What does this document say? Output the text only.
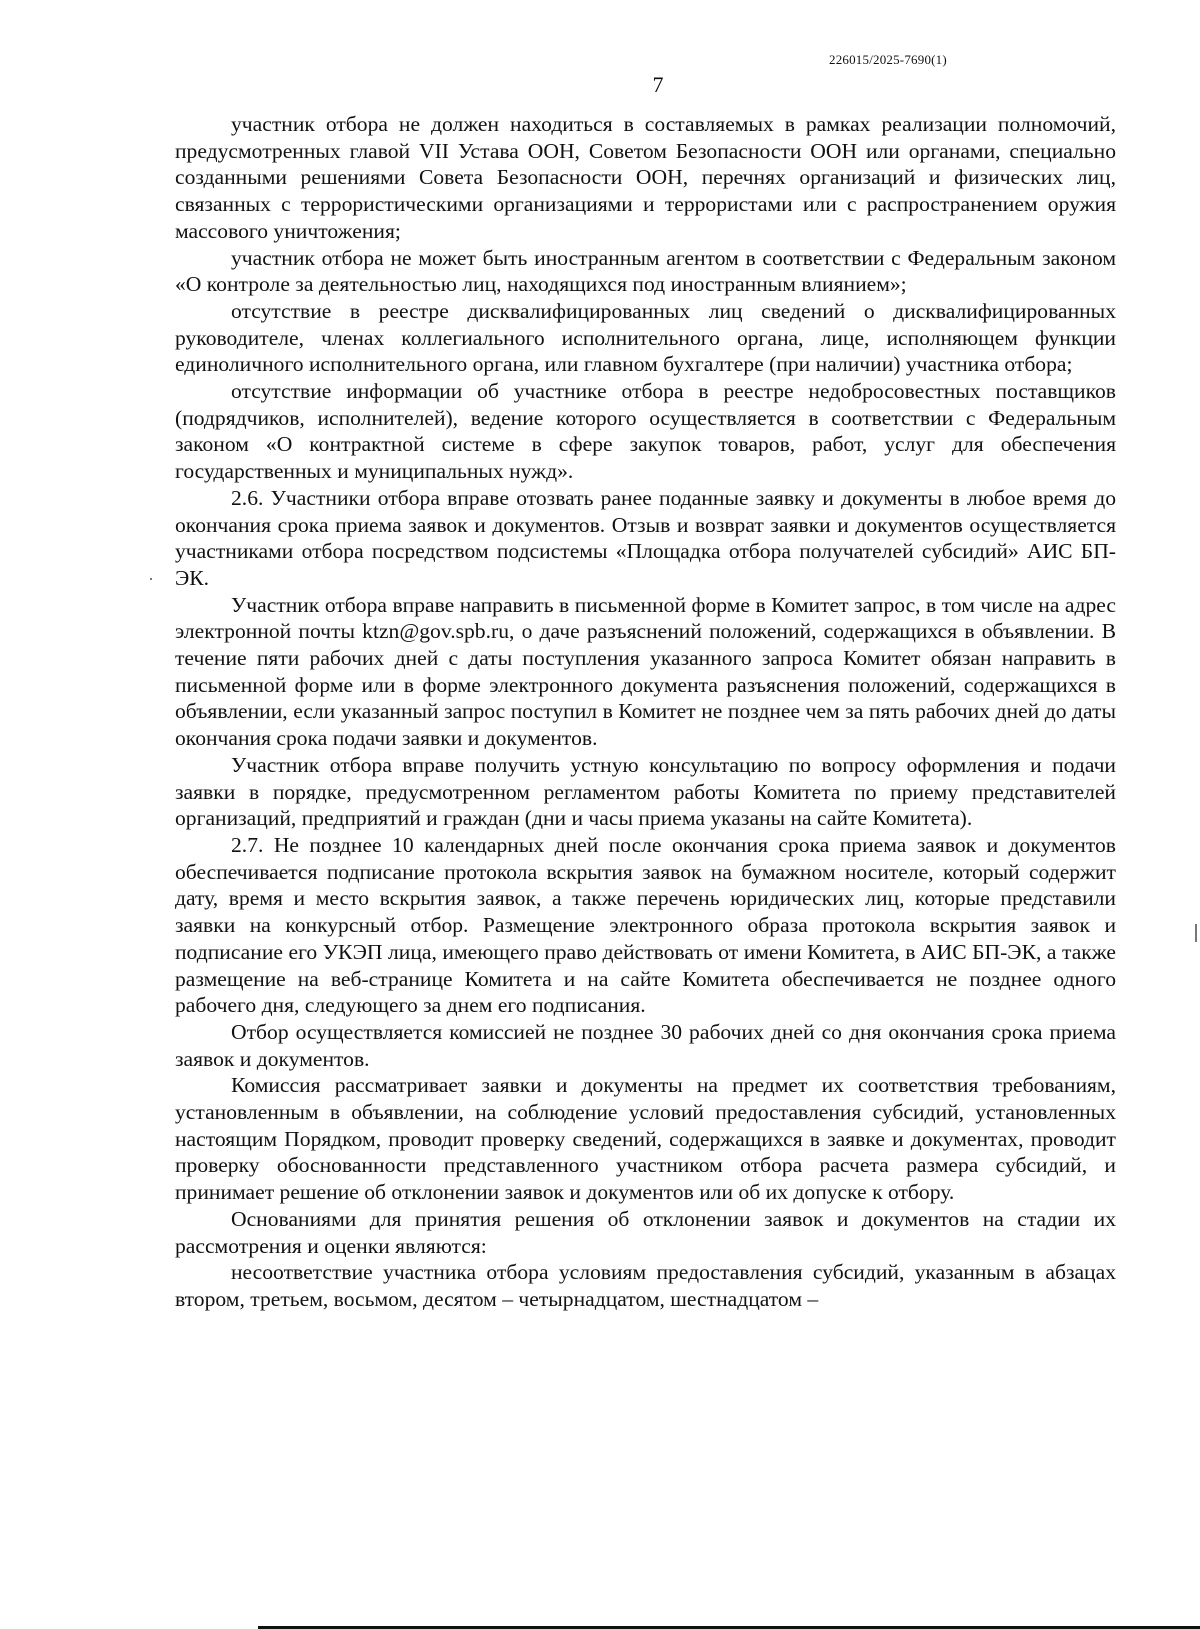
226015/2025-7690(1)
7

участник отбора не должен находиться в составляемых в рамках реализации полномочий, предусмотренных главой VII Устава ООН, Советом Безопасности ООН или органами, специально созданными решениями Совета Безопасности ООН, перечнях организаций и физических лиц, связанных с террористическими организациями и террористами или с распространением оружия массового уничтожения;

участник отбора не может быть иностранным агентом в соответствии с Федеральным законом «О контроле за деятельностью лиц, находящихся под иностранным влиянием»;

отсутствие в реестре дисквалифицированных лиц сведений о дисквалифицированных руководителе, членах коллегиального исполнительного органа, лице, исполняющем функции единоличного исполнительного органа, или главном бухгалтере (при наличии) участника отбора;

отсутствие информации об участнике отбора в реестре недобросовестных поставщиков (подрядчиков, исполнителей), ведение которого осуществляется в соответствии с Федеральным законом «О контрактной системе в сфере закупок товаров, работ, услуг для обеспечения государственных и муниципальных нужд».

2.6. Участники отбора вправе отозвать ранее поданные заявку и документы в любое время до окончания срока приема заявок и документов. Отзыв и возврат заявки и документов осуществляется участниками отбора посредством подсистемы «Площадка отбора получателей субсидий» АИС БП-ЭК.

Участник отбора вправе направить в письменной форме в Комитет запрос, в том числе на адрес электронной почты ktzn@gov.spb.ru, о даче разъяснений положений, содержащихся в объявлении. В течение пяти рабочих дней с даты поступления указанного запроса Комитет обязан направить в письменной форме или в форме электронного документа разъяснения положений, содержащихся в объявлении, если указанный запрос поступил в Комитет не позднее чем за пять рабочих дней до даты окончания срока подачи заявки и документов.

Участник отбора вправе получить устную консультацию по вопросу оформления и подачи заявки в порядке, предусмотренном регламентом работы Комитета по приему представителей организаций, предприятий и граждан (дни и часы приема указаны на сайте Комитета).

2.7. Не позднее 10 календарных дней после окончания срока приема заявок и документов обеспечивается подписание протокола вскрытия заявок на бумажном носителе, который содержит дату, время и место вскрытия заявок, а также перечень юридических лиц, которые представили заявки на конкурсный отбор. Размещение электронного образа протокола вскрытия заявок и подписание его УКЭП лица, имеющего право действовать от имени Комитета, в АИС БП-ЭК, а также размещение на веб-странице Комитета и на сайте Комитета обеспечивается не позднее одного рабочего дня, следующего за днем его подписания.

Отбор осуществляется комиссией не позднее 30 рабочих дней со дня окончания срока приема заявок и документов.

Комиссия рассматривает заявки и документы на предмет их соответствия требованиям, установленным в объявлении, на соблюдение условий предоставления субсидий, установленных настоящим Порядком, проводит проверку сведений, содержащихся в заявке и документах, проводит проверку обоснованности представленного участником отбора расчета размера субсидий, и принимает решение об отклонении заявок и документов или об их допуске к отбору.

Основаниями для принятия решения об отклонении заявок и документов на стадии их рассмотрения и оценки являются:

несоответствие участника отбора условиям предоставления субсидий, указанным в абзацах втором, третьем, восьмом, десятом – четырнадцатом, шестнадцатом –
